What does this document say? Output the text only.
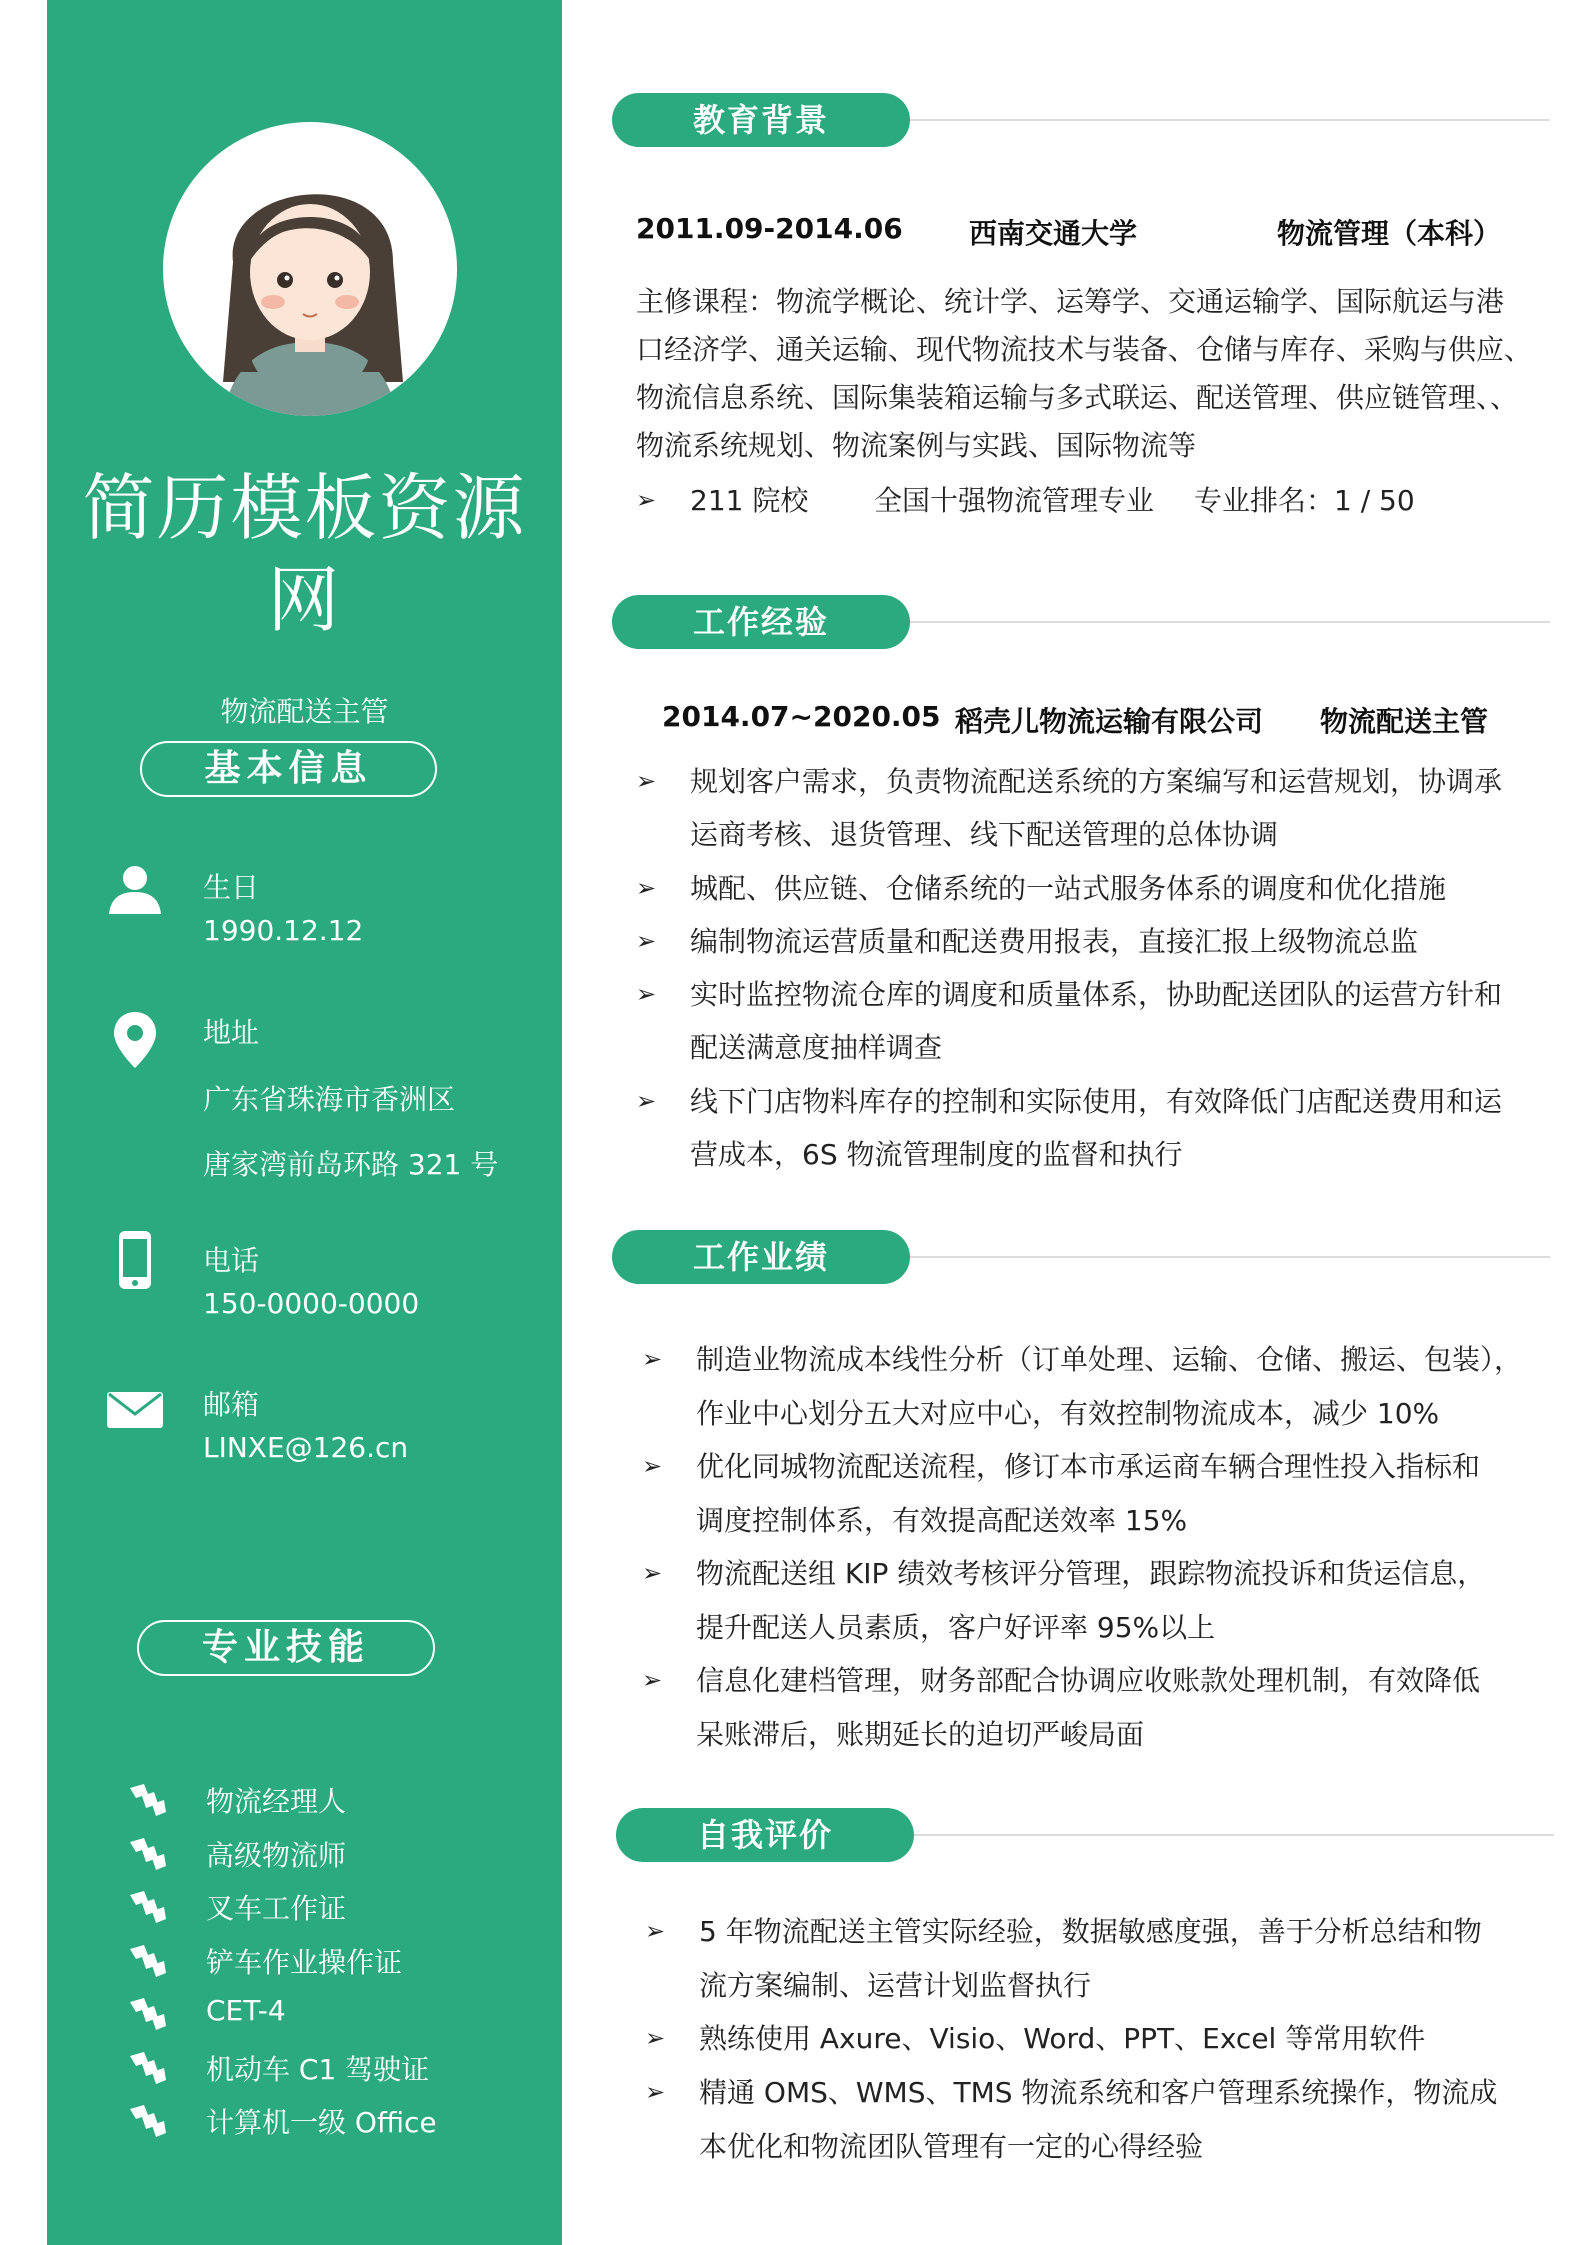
简历模板资源
网
物流配送主管
基本信息
生日
1990.12.12
地址
广东省珠海市香洲区
唐家湾前岛环路 321 号
电话
150-0000-0000
邮箱
LINXE@126.cn
专业技能
物流经理人
高级物流师
叉车工作证
铲车作业操作证
CET-4
机动车 C1 驾驶证
计算机一级 Office
教育背景
2011.09-2014.06 西南交通大学	物流管理（本科）
主修课程：物流学概论、统计学、运筹学、交通运输学、国际航运与港
口经济学、通关运输、现代物流技术与装备、仓储与库存、采购与供应、
物流信息系统、国际集装箱运输与多式联运、配送管理、供应链管理、、
物流系统规划、物流案例与实践、国际物流等
➢ 211 院校 全国十强物流管理专业 专业排名：1 / 50
工作经验
2014.07~2020.05 稻壳儿物流运输有限公司 物流配送主管
➢ 规划客户需求，负责物流配送系统的方案编写和运营规划，协调承
运商考核、退货管理、线下配送管理的总体协调
➢ 城配、供应链、仓储系统的一站式服务体系的调度和优化措施
➢ 编制物流运营质量和配送费用报表，直接汇报上级物流总监
➢ 实时监控物流仓库的调度和质量体系，协助配送团队的运营方针和
配送满意度抽样调查
➢ 线下门店物料库存的控制和实际使用，有效降低门店配送费用和运
营成本，6S 物流管理制度的监督和执行
工作业绩
➢ 制造业物流成本线性分析（订单处理、运输、仓储、搬运、包装），
作业中心划分五大对应中心，有效控制物流成本，减少 10%
➢ 优化同城物流配送流程，修订本市承运商车辆合理性投入指标和
调度控制体系，有效提高配送效率 15%
➢ 物流配送组 KIP 绩效考核评分管理，跟踪物流投诉和货运信息，
提升配送人员素质，客户好评率 95%以上
➢ 信息化建档管理，财务部配合协调应收账款处理机制，有效降低
呆账滞后，账期延长的迫切严峻局面
自我评价
➢ 5 年物流配送主管实际经验，数据敏感度强，善于分析总结和物
流方案编制、运营计划监督执行
➢ 熟练使用 Axure、Visio、Word、PPT、Excel 等常用软件
➢ 精通 OMS、WMS、TMS 物流系统和客户管理系统操作，物流成
本优化和物流团队管理有一定的心得经验
